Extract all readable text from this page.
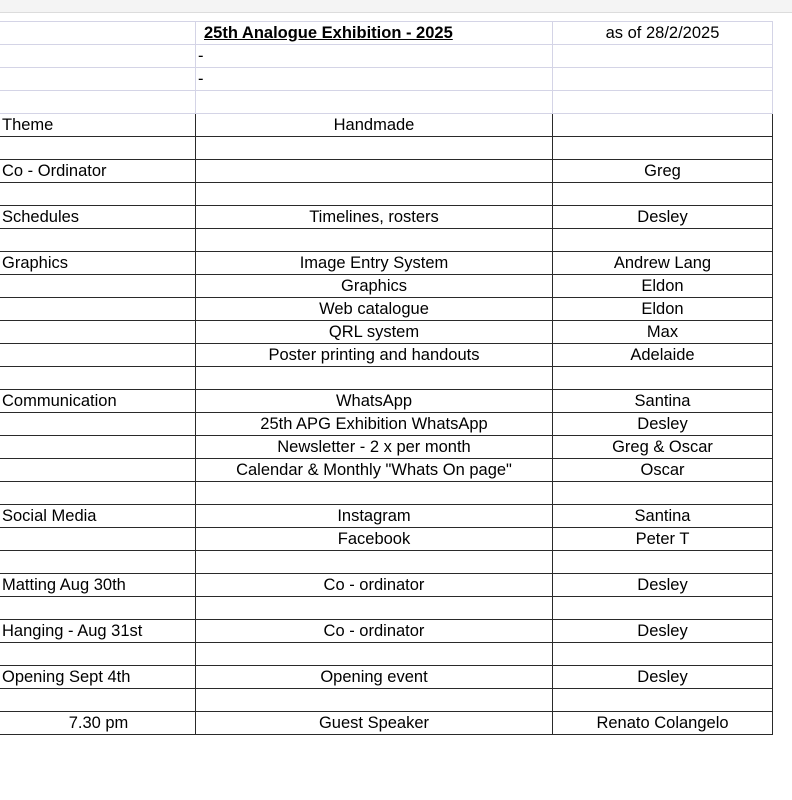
	25th Analogue Exhibition - 2025	as of 28/2/2025
	-	
	-	

Theme	Handmade	

Co - Ordinator		Greg

Schedules	Timelines, rosters	Desley

Graphics	Image Entry System	Andrew Lang
	Graphics	Eldon
	Web catalogue	Eldon
	QRL system	Max
	Poster printing and handouts	Adelaide

Communication	WhatsApp	Santina
	25th APG Exhibition WhatsApp	Desley
	Newsletter - 2 x per month	Greg & Oscar
	Calendar & Monthly "Whats On page"	Oscar

Social Media	Instagram	Santina
	Facebook	Peter T

Matting Aug 30th	Co - ordinator	Desley

Hanging - Aug 31st	Co - ordinator	Desley

Opening Sept 4th	Opening event	Desley

7.30 pm	Guest Speaker	Renato Colangelo
